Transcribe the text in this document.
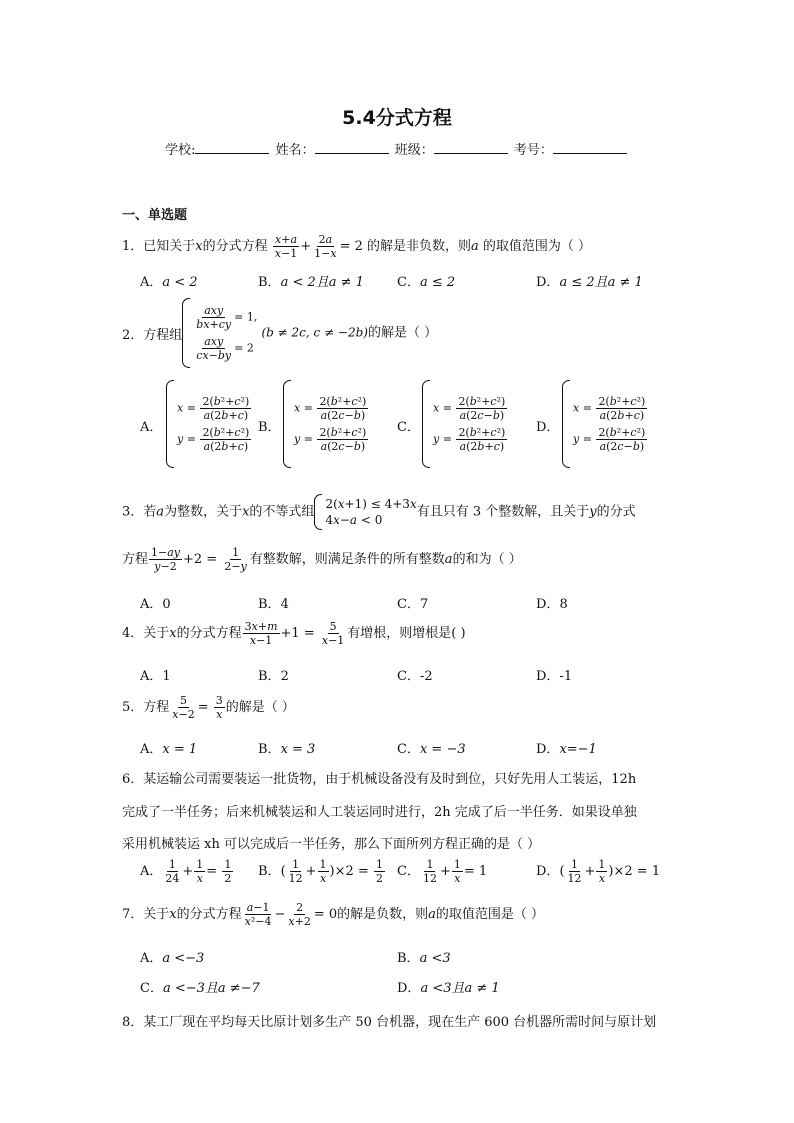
5.4分式方程
学校:	姓名：	班级：	考号：
一、单选题
1．已知关于x的分式方程 $\frac{x+a}{x-1} + \frac{2a}{1-x} = 2$ 的解是非负数，则a 的取值范围为（ ）
A．a < 2	B．a < 2且a ≠ 1	C．a ≤ 2	D．a ≤ 2且a ≠ 1
2．方程组
$\frac{\text{axy}}{bx+cy} = 1$,
$\frac{\text{axy}}{cx-by} = 2$
(b ≠ 2c, c ≠ −2b)的解是（ ）
A．
$x = \frac{\text{2(b²+c²)}}{a(2b+c)}$
$y = \frac{\text{2(b²+c²)}}{a(2b+c)}$ B．
$x = \frac{\text{2(b²+c²)}}{a(2c-b)}$
$y = \frac{\text{2(b²+c²)}}{a(2c-b)}$ C．
$x = \frac{\text{2(b²+c²)}}{a(2c-b)}$
$y = \frac{\text{2(b²+c²)}}{a(2b+c)}$ D．
$x = \frac{\text{2(b²+c²)}}{a(2b+c)}$
$y = \frac{\text{2(b²+c²)}}{a(2c-b)}$
3．若a为整数，关于x的不等式组
2(x+1) ≤ 4+3x
4x−a < 0
有且只有 3 个整数解，且关于y的分式
方程 $\frac{1-ay}{y-2} +2 = \frac{1}{2-y}$ 有整数解，则满足条件的所有整数a的和为（ ）
A．0	B．4	C．7	D．8
4．关于x的分式方程 $\frac{3x+m}{x-1} +1 = \frac{5}{x-1}$ 有增根，则增根是( )
A．1	B．2	C．-2	D．-1
5．方程 $\frac{5}{x-2} = \frac{3}{x}$ 的解是（ ）
A．x = 1	B．x = 3	C．x = −3	D．x=−1
6．某运输公司需要装运一批货物，由于机械设备没有及时到位，只好先用人工装运，12h
完成了一半任务；后来机械装运和人工装运同时进行，2h 完成了后一半任务．如果设单独
采用机械装运 xh 可以完成后一半任务，那么下面所列方程正确的是（ ）
A． $\frac{1}{24} + \frac{1}{x} = \frac{1}{2}$ B．( $\frac{1}{12} + \frac{1}{x} )\times 2 = \frac{1}{2}$ C． $\frac{1}{12} + \frac{1}{x} = 1$	D．( $\frac{1}{12} + \frac{1}{x} )\times 2 = 1$
7．关于x的分式方程 $\frac{a-1}{\text{x²−4}} - \frac{2}{x+2} = 0$的解是负数，则a的取值范围是（ ）
A．a <−3	B．a <3
C．a <−3且a ≠−7	D．a <3且a ≠ 1
8．某工厂现在平均每天比原计划多生产 50 台机器，现在生产 600 台机器所需时间与原计划
